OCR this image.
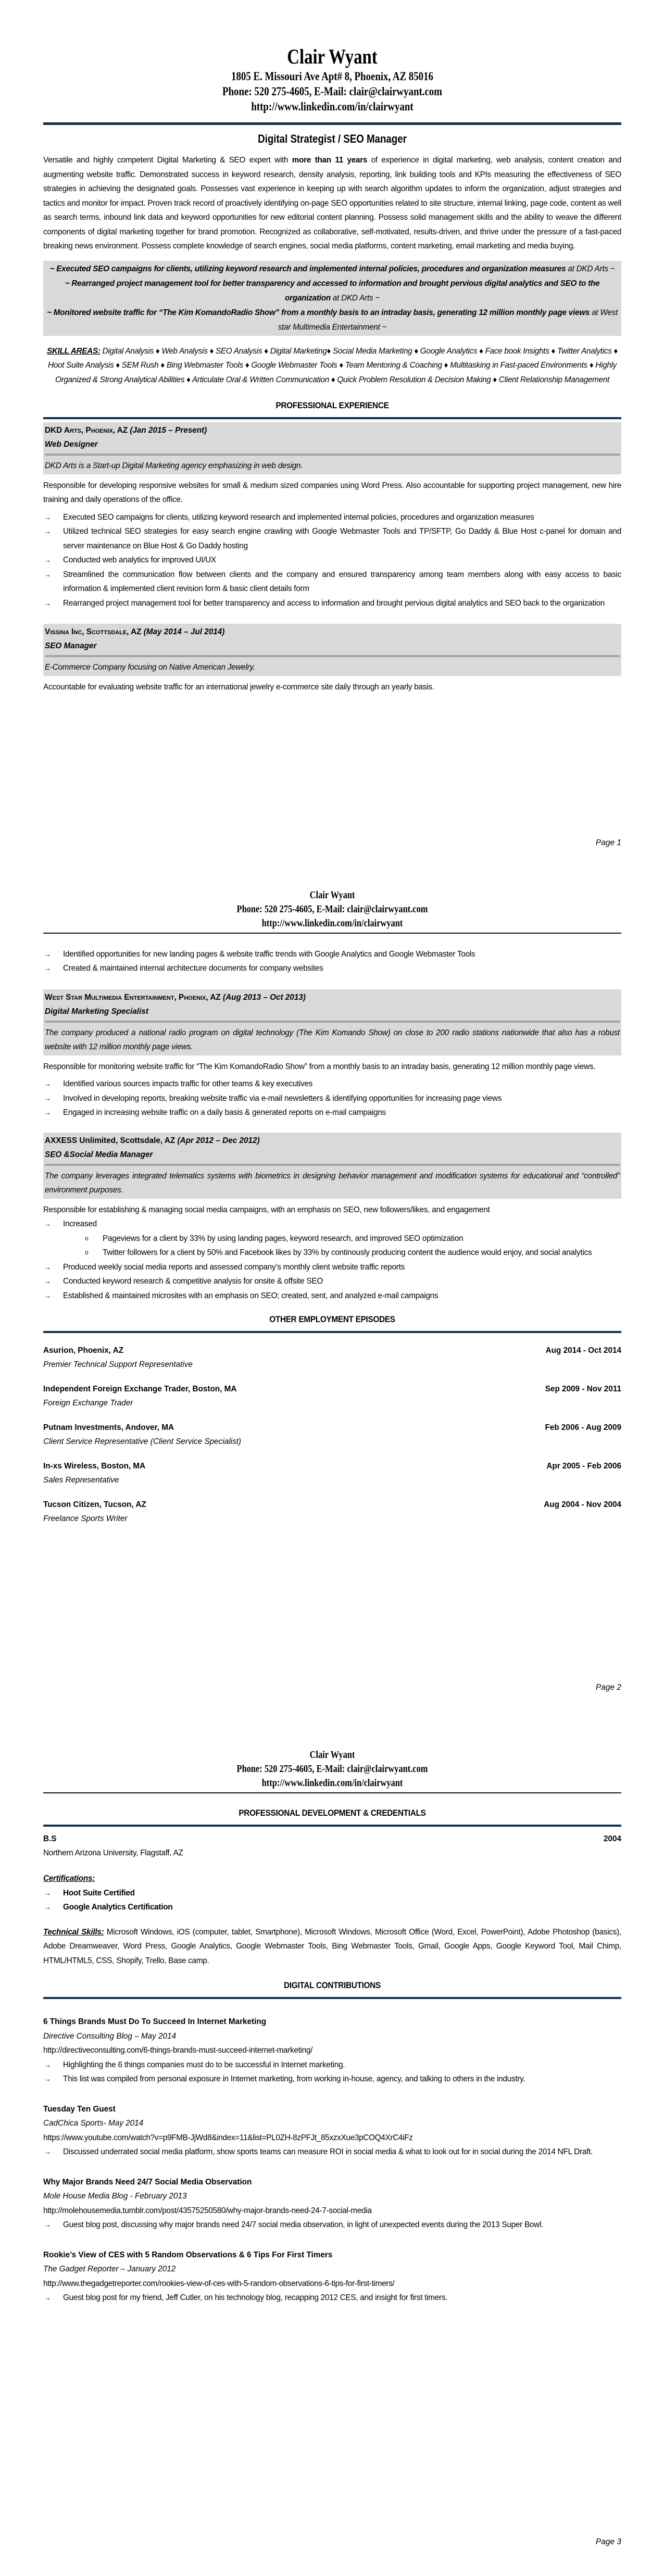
Clair Wyant
1805 E. Missouri Ave Apt# 8, Phoenix, AZ 85016
Phone: 520 275-4605, E-Mail: clair@clairwyant.com
http://www.linkedin.com/in/clairwyant
Digital Strategist / SEO Manager

Versatile and highly competent Digital Marketing & SEO expert with more than 11 years of experience in digital marketing, web analysis, content creation and augmenting website traffic. Demonstrated success in keyword research, density analysis, reporting, link building tools and KPIs measuring the effectiveness of SEO strategies in achieving the designated goals. Possesses vast experience in keeping up with search algorithm updates to inform the organization, adjust strategies and tactics and monitor for impact. Proven track record of proactively identifying on-page SEO opportunities related to site structure, internal linking, page code, content as well as search terms, inbound link data and keyword opportunities for new editorial content planning. Possess solid management skills and the ability to weave the different components of digital marketing together for brand promotion. Recognized as collaborative, self-motivated, results-driven, and thrive under the pressure of a fast-paced breaking news environment. Possess complete knowledge of search engines, social media platforms, content marketing, email marketing and media buying.

~ Executed SEO campaigns for clients, utilizing keyword research and implemented internal policies, procedures and organization measures at DKD Arts ~
~ Rearranged project management tool for better transparency and accessed to information and brought pervious digital analytics and SEO to the organization at DKD Arts ~
~ Monitored website traffic for “The Kim KomandoRadio Show” from a monthly basis to an intraday basis, generating 12 million monthly page views at West star Multimedia Entertainment ~
SKILL AREAS: Digital Analysis ♦ Web Analysis ♦ SEO Analysis ♦ Digital Marketing♦ Social Media Marketing ♦ Google Analytics ♦ Face book Insights ♦ Twitter Analytics ♦ Hoot Suite Analysis ♦ SEM Rush ♦ Bing Webmaster Tools ♦ Google Webmaster Tools ♦ Team Mentoring & Coaching ♦ Multitasking in Fast-paced Environments ♦ Highly Organized & Strong Analytical Abilities ♦ Articulate Oral & Written Communication ♦ Quick Problem Resolution & Decision Making ♦ Client Relationship Management
PROFESSIONAL EXPERIENCE
DKD Arts, Phoenix, AZ (Jan 2015 – Present)
Web Designer
DKD Arts is a Start-up Digital Marketing agency emphasizing in web design.

Responsible for developing responsive websites for small & medium sized companies using Word Press. Also accountable for supporting project management, new hire training and daily operations of the office.

→ Executed SEO campaigns for clients, utilizing keyword research and implemented internal policies, procedures and organization measures
→ Utilized technical SEO strategies for easy search engine crawling with Google Webmaster Tools and TP/SFTP, Go Daddy & Blue Host c-panel for domain and server maintenance on Blue Host & Go Daddy hosting
→ Conducted web analytics for improved UI/UX
→ Streamlined the communication flow between clients and the company and ensured transparency among team members along with easy access to basic information & implemented client revision form & basic client details form
→ Rearranged project management tool for better transparency and access to information and brought pervious digital analytics and SEO back to the organization
Vissina Inc, Scottsdale, AZ (May 2014 – Jul 2014)
SEO Manager
E-Commerce Company focusing on Native American Jewelry.

Accountable for evaluating website traffic for an international jewelry e-commerce site daily through an yearly basis.

Page 1
Clair Wyant
Phone: 520 275-4605, E-Mail: clair@clairwyant.com
http://www.linkedin.com/in/clairwyant
→ Identified opportunities for new landing pages & website traffic trends with Google Analytics and Google Webmaster Tools
→ Created & maintained internal architecture documents for company websites
West Star Multimedia Entertainment, Phoenix, AZ (Aug 2013 – Oct 2013)
Digital Marketing Specialist
The company produced a national radio program on digital technology (The Kim Komando Show) on close to 200 radio stations nationwide that also has a robust website with 12 million monthly page views.

Responsible for monitoring website traffic for “The Kim KomandoRadio Show” from a monthly basis to an intraday basis, generating 12 million monthly page views.

→ Identified various sources impacts traffic for other teams & key executives
→ Involved in developing reports, breaking website traffic via e-mail newsletters & identifying opportunities for increasing page views
→ Engaged in increasing website traffic on a daily basis & generated reports on e-mail campaigns
AXXESS Unlimited, Scottsdale, AZ (Apr 2012 – Dec 2012)
SEO &Social Media Manager
The company leverages integrated telematics systems with biometrics in designing behavior management and modification systems for educational and “controlled” environment purposes.

Responsible for establishing & managing social media campaigns, with an emphasis on SEO, new followers/likes, and engagement

→ Increased
o Pageviews for a client by 33% by using landing pages, keyword research, and improved SEO optimization
o Twitter followers for a client by 50% and Facebook likes by 33% by continously producing content the audience would enjoy, and social analytics
→ Produced weekly social media reports and assessed company’s monthly client website traffic reports
→ Conducted keyword research & competitive analysis for onsite & offsite SEO
→ Established & maintained microsites with an emphasis on SEO; created, sent, and analyzed e-mail campaigns
OTHER EMPLOYMENT EPISODES
Asurion, Phoenix, AZ	Aug 2014 - Oct 2014
Premier Technical Support Representative
Independent Foreign Exchange Trader, Boston, MA	Sep 2009 - Nov 2011
Foreign Exchange Trader
Putnam Investments, Andover, MA	Feb 2006 - Aug 2009
Client Service Representative (Client Service Specialist)
In-xs Wireless, Boston, MA	Apr 2005 - Feb 2006
Sales Representative
Tucson Citizen, Tucson, AZ	Aug 2004 - Nov 2004
Freelance Sports Writer
Page 2
Clair Wyant
Phone: 520 275-4605, E-Mail: clair@clairwyant.com
http://www.linkedin.com/in/clairwyant
PROFESSIONAL DEVELOPMENT & CREDENTIALS
B.S	2004
Northern Arizona University, Flagstaff, AZ
Certifications:
→ Hoot Suite Certified
→ Google Analytics Certification

Technical Skills: Microsoft Windows, iOS (computer, tablet, Smartphone), Microsoft Windows, Microsoft Office (Word, Excel, PowerPoint), Adobe Photoshop (basics), Adobe Dreamweaver, Word Press, Google Analytics, Google Webmaster Tools, Bing Webmaster Tools, Gmail, Google Apps, Google Keyword Tool, Mail Chimp, HTML/HTML5, CSS, Shopify, Trello, Base camp.

DIGITAL CONTRIBUTIONS
6 Things Brands Must Do To Succeed In Internet Marketing
Directive Consulting Blog – May 2014
http://directiveconsulting.com/6-things-brands-must-succeed-internet-marketing/
→ Highlighting the 6 things companies must do to be successful in Internet marketing.
→ This list was compiled from personal exposure in Internet marketing, from working in-house, agency, and talking to others in the industry.
Tuesday Ten Guest
CadChica Sports- May 2014
https://www.youtube.com/watch?v=p9FMB-JjWd8&index=11&list=PL0ZH-8zPFJt_85xzxXue3pCOQ4XrC4iFz
→ Discussed underrated social media platform, show sports teams can measure ROI in social media & what to look out for in social during the 2014 NFL Draft.
Why Major Brands Need 24/7 Social Media Observation
Mole House Media Blog - February 2013
http://molehousemedia.tumblr.com/post/43575250580/why-major-brands-need-24-7-social-media
→ Guest blog post, discussing why major brands need 24/7 social media observation, in light of unexpected events during the 2013 Super Bowl.
Rookie’s View of CES with 5 Random Observations & 6 Tips For First Timers
The Gadget Reporter – January 2012
http://www.thegadgetreporter.com/rookies-view-of-ces-with-5-random-observations-6-tips-for-first-timers/
→ Guest blog post for my friend, Jeff Cutler, on his technology blog, recapping 2012 CES, and insight for first timers.
Page 3
